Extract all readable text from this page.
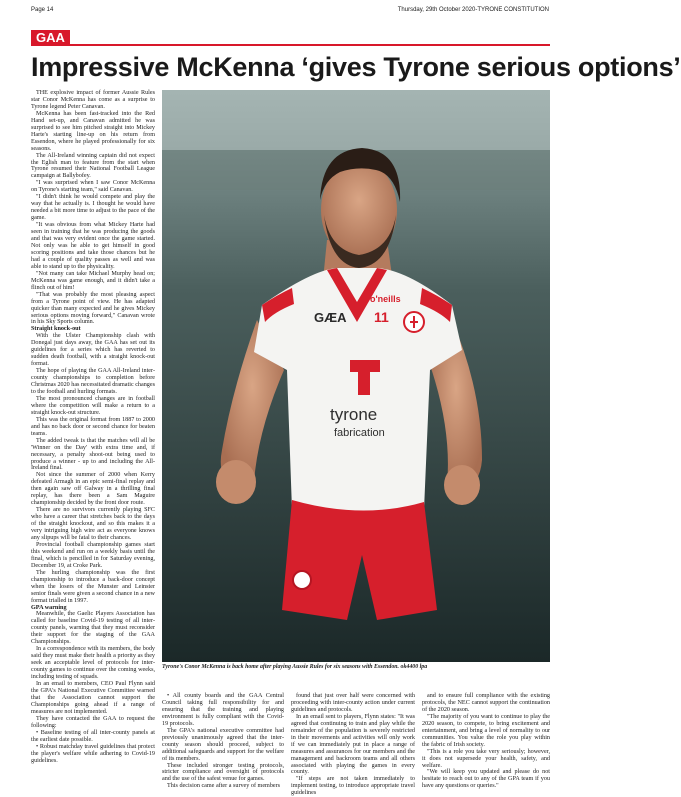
Page 14	Thursday, 29th October 2020-TYRONE CONSTITUTION
GAA
Impressive McKenna ‘gives Tyrone serious options’

THE explosive impact of former Aussie Rules star Conor McKenna has come as a surprise to Tyrone legend Peter Canavan.

McKenna has been fast-tracked into the Red Hand set-up, and Canavan admitted he was surprised to see him pitched straight into Mickey Harte's starting line-up on his return from Essendon, where he played professionally for six seasons.

The All-Ireland winning captain did not expect the Eglish man to feature from the start when Tyrone resumed their National Football League campaign at Ballybofey.

"I was surprised when I saw Conor McKenna on Tyrone's starting team," said Canavan.

"I didn't think he would compete and play the way that he actually is. I thought he would have needed a bit more time to adjust to the pace of the game.

"It was obvious from what Mickey Harte had seen in training that he was producing the goods and that was very evident once the game started. Not only was he able to get himself in good scoring positions and take those chances but he had a couple of quality passes as well and was able to stand up to the physicality.

"Not many can take Michael Murphy head on; McKenna was game enough, and it didn't take a flinch out of him!

"That was probably the most pleasing aspect from a Tyrone point of view. He has adapted quicker than many expected and he gives Mickey serious options moving forward," Canavan wrote in his Sky Sports column.

Straight knock-out

With the Ulster Championship clash with Donegal just days away, the GAA has set out its guidelines for a series which has reverted to sudden death football, with a straight knock-out format.

The hope of playing the GAA All-Ireland inter-county championships to completion before Christmas 2020 has necessitated dramatic changes to the football and hurling formats.

The most pronounced changes are in football where the competition will make a return to a straight knock-out structure.

This was the original format from 1887 to 2000 and has no back door or second chance for beaten teams.

The added tweak is that the matches will all be 'Winner on the Day' with extra time and, if necessary, a penalty shoot-out being used to produce a winner - up to and including the All-Ireland final.

Not since the summer of 2000 when Kerry defeated Armagh in an epic semi-final replay and then again saw off Galway in a thrilling final replay, has there been a Sam Maguire championship decided by the front door route.

There are no survivors currently playing SFC who have a career that stretches back to the days of the straight knockout, and so this makes it a very intriguing high wire act as everyone knows any slipups will be fatal to their chances.

Provincial football championship games start this weekend and run on a weekly basis until the final, which is pencilled in for Saturday evening, December 19, at Croke Park.

The hurling championship was the first championship to introduce a back-door concept when the losers of the Munster and Leinster senior finals were given a second chance in a new format trialled in 1997.

GPA warning

Meanwhile, the Gaelic Players Association has called for baseline Covid-19 testing of all inter-county panels, warning that they must reconsider their support for the staging of the GAA Championships.

In a correspondence with its members, the body said they must make their health a priority as they seek an acceptable level of protocols for inter-county games to continue over the coming weeks, including testing of squads.

In an email to members, CEO Paul Flynn said the GPA's National Executive Committee warned that the Association cannot support the Championships going ahead if a range of measures are not implemented.

They have contacted the GAA to request the following:

• Baseline testing of all inter-county panels at the earliest date possible.

• Robust matchday travel guidelines that protect the player's welfare while adhering to Covid-19 guidelines.

GÆA
o'neills
11
tyrone
fabrication
Tyrone's Conor McKenna is back home after playing Aussie Rules for six seasons with Essendon. ok4400 lpa

• All county boards and the GAA Central Council taking full responsibility for and ensuring that the training and playing environment is fully compliant with the Covid-19 protocols.

The GPA's national executive committee had previously unanimously agreed that the inter-county season should proceed, subject to additional safeguards and support for the welfare of its members.

These included stronger testing protocols, stricter compliance and oversight of protocols and the use of the safest venue for games.

This decision came after a survey of members

found that just over half were concerned with proceeding with inter-county action under current guidelines and protocols.

In an email sent to players, Flynn states: "It was agreed that continuing to train and play while the remainder of the population is severely restricted in their movements and activities will only work if we can immediately put in place a range of measures and assurances for our members and the management and backroom teams and all others associated with playing the games in every county.

"If steps are not taken immediately to implement testing, to introduce appropriate travel guidelines

and to ensure full compliance with the existing protocols, the NEC cannot support the continuation of the 2020 season.

"The majority of you want to continue to play the 2020 season, to compete, to bring excitement and entertainment, and bring a level of normality to our communities. You value the role you play within the fabric of Irish society.

"This is a role you take very seriously; however, it does not supersede your health, safety, and welfare.

"We will keep you updated and please do not hesitate to reach out to any of the GPA team if you have any questions or queries."
